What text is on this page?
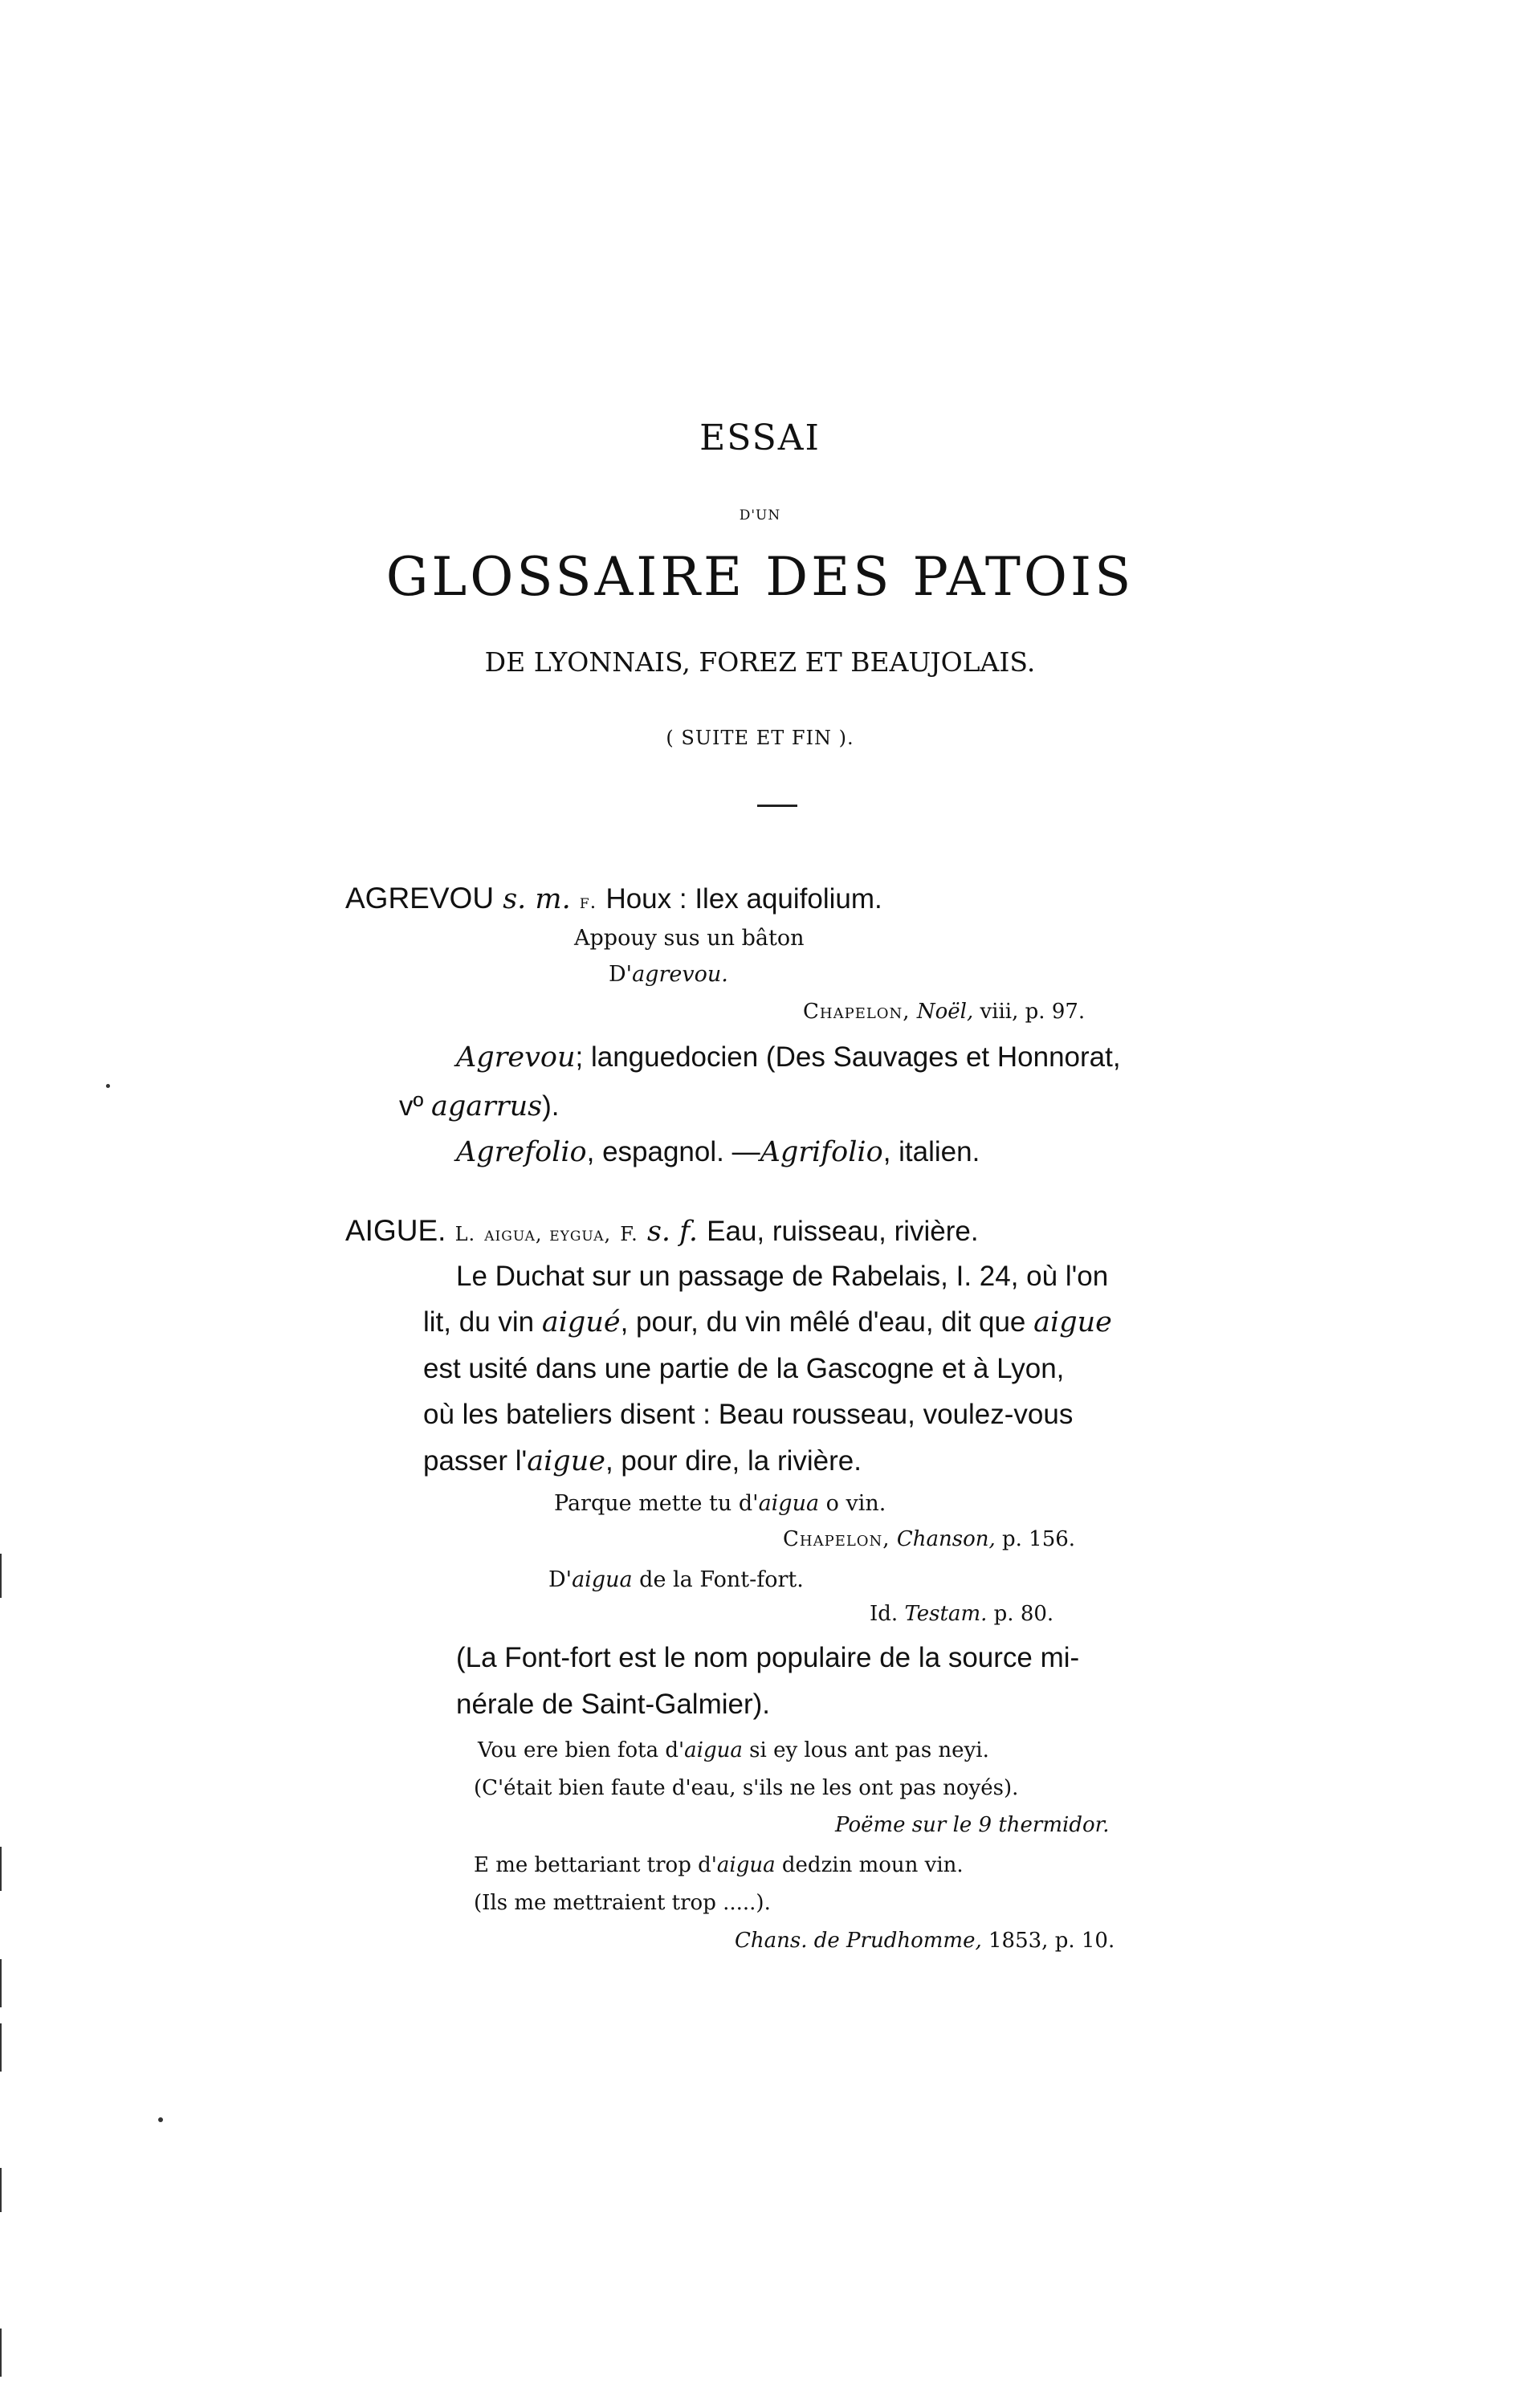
ESSAI
D'UN
GLOSSAIRE DES PATOIS
DE LYONNAIS, FOREZ ET BEAUJOLAIS.
( SUITE ET FIN ).
AGREVOU s. m. f. Houx : Ilex aquifolium.
Appouy sus un bâton
D'agrevou.
Chapelon, Noël, viii, p. 97.
Agrevou; languedocien (Des Sauvages et Honnorat,
vº agarrus).
Agrefolio, espagnol. —Agrifolio, italien.
AIGUE. L. aigua, eygua, F. s. f. Eau, ruisseau, rivière.
Le Duchat sur un passage de Rabelais, I. 24, où l'on
lit, du vin aigué, pour, du vin mêlé d'eau, dit que aigue
est usité dans une partie de la Gascogne et à Lyon,
où les bateliers disent : Beau rousseau, voulez-vous
passer l'aigue, pour dire, la rivière.
Parque mette tu d'aigua o vin.
Chapelon, Chanson, p. 156.
D'aigua de la Font-fort.
Id. Testam. p. 80.
(La Font-fort est le nom populaire de la source mi-
nérale de Saint-Galmier).
Vou ere bien fota d'aigua si ey lous ant pas neyi.
(C'était bien faute d'eau, s'ils ne les ont pas noyés).
Poëme sur le 9 thermidor.
E me bettariant trop d'aigua dedzin moun vin.
(Ils me mettraient trop .....).
Chans. de Prudhomme, 1853, p. 10.
